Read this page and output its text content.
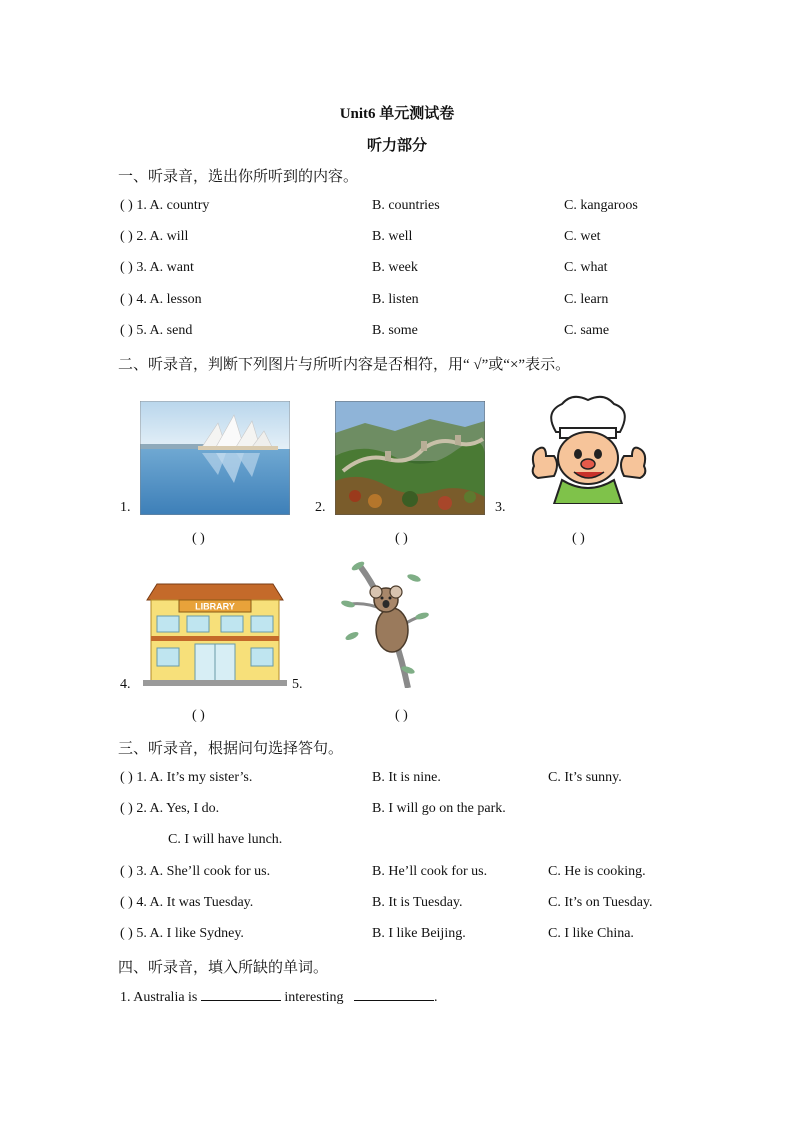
Unit6 单元测试卷
听力部分
一、听录音，选出你所听到的内容。
( ) 1. A. country	B. countries	C. kangaroos
( ) 2. A. will	B. well	C. wet
( ) 3. A. want	B. week	C. what
( ) 4. A. lesson	B. listen	C. learn
( ) 5. A. send	B. some	C. same
二、听录音，判断下列图片与所听内容是否相符，用“ √”或“×”表示。
1.
( )
2.
( )
3.
( )
4.
LIBRARY
( )
5.
( )
三、听录音，根据问句选择答句。
( ) 1. A. It’s my sister’s.	B. It is nine.	C. It’s sunny.
( ) 2. A. Yes, I do.	B. I will go on the park.
C. I will have lunch.
( ) 3. A. She’ll cook for us.	B. He’ll cook for us.	C. He is cooking.
( ) 4. A. It was Tuesday.	B. It is Tuesday.	C. It’s on Tuesday.
( ) 5. A. I like Sydney.	B. I like Beijing.	C. I like China.
四、听录音，填入所缺的单词。
1. Australia is	interesting	.
